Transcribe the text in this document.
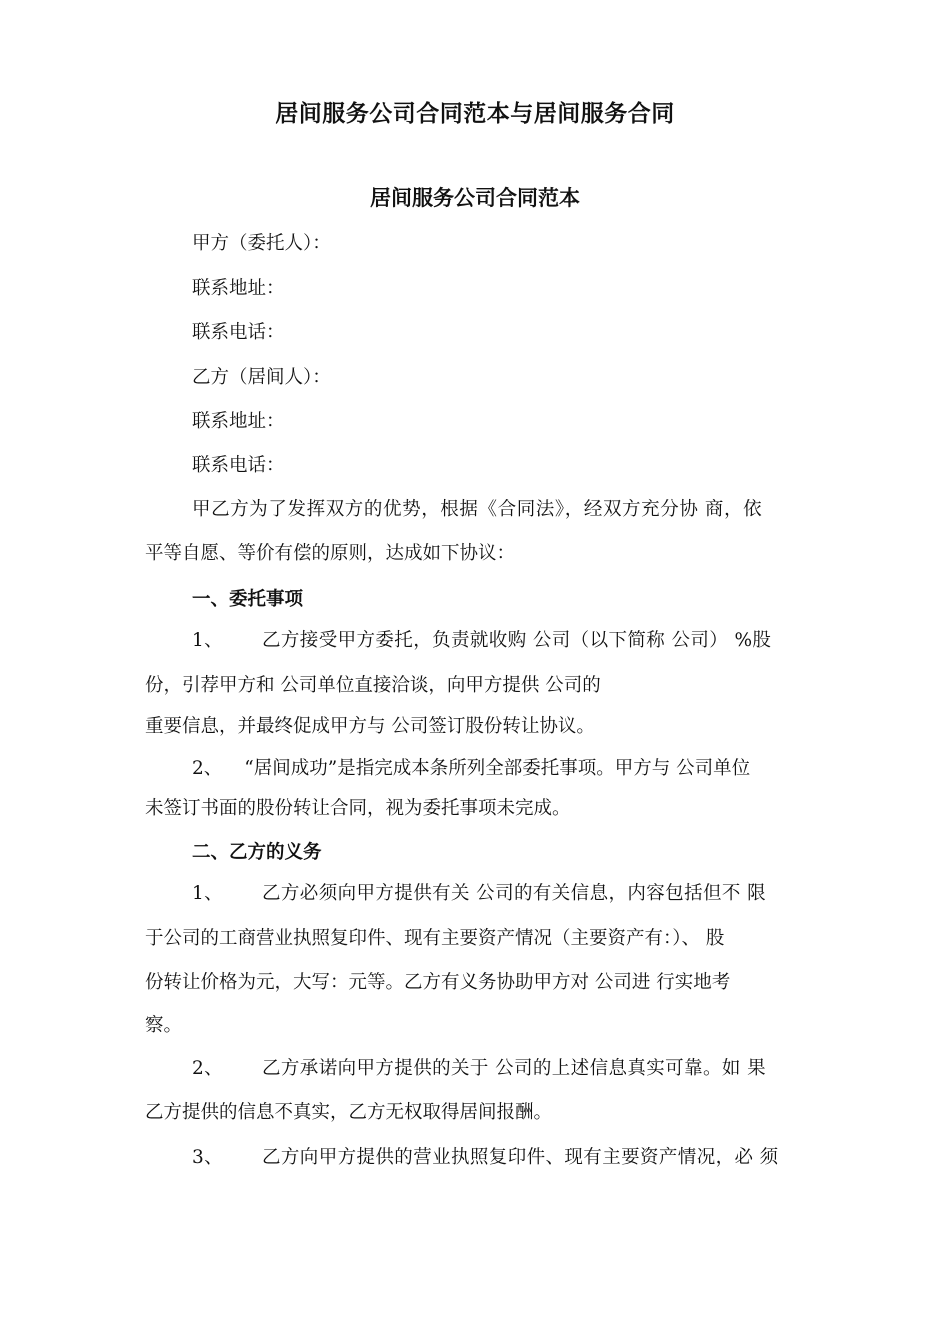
居间服务公司合同范本与居间服务合同
居间服务公司合同范本
甲方（委托人）：
联系地址：
联系电话：
乙方（居间人）：
联系地址：
联系电话：
甲乙方为了发挥双方的优势，根据《合同法》，经双方充分协 商，依
平等自愿、等价有偿的原则，达成如下协议：
一、委托事项
1、 乙方接受甲方委托，负责就收购 公司（以下简称 公司） %股
份，引荐甲方和 公司单位直接洽谈，向甲方提供 公司的
重要信息，并最终促成甲方与 公司签订股份转让协议。
2、 “居间成功”是指完成本条所列全部委托事项。甲方与 公司单位
未签订书面的股份转让合同，视为委托事项未完成。
二、乙方的义务
1、 乙方必须向甲方提供有关 公司的有关信息，内容包括但不 限
于公司的工商营业执照复印件、现有主要资产情况（主要资产有：）、 股
份转让价格为元，大写：元等。乙方有义务协助甲方对 公司进 行实地考
察。
2、 乙方承诺向甲方提供的关于 公司的上述信息真实可靠。如 果
乙方提供的信息不真实，乙方无权取得居间报酬。
3、 乙方向甲方提供的营业执照复印件、现有主要资产情况，必 须
